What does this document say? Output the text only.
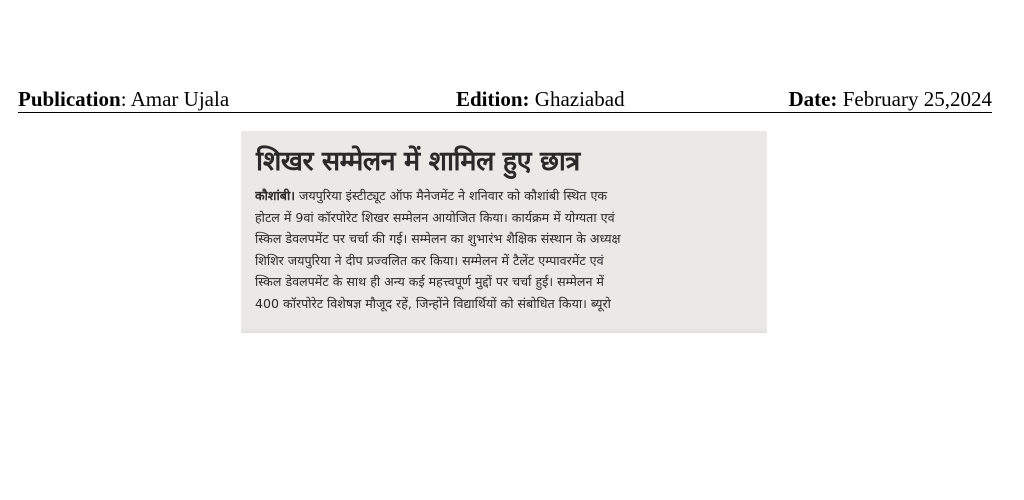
Publication: Amar Ujala	Edition: Ghaziabad	Date: February 25,2024
शिखर सम्मेलन में शामिल हुए छात्र
कौशांबी। जयपुरिया इंस्टीट्यूट ऑफ मैनेजमेंट ने शनिवार को कौशांबी स्थित एक
होटल में 9वां कॉरपोरेट शिखर सम्मेलन आयोजित किया। कार्यक्रम में योग्यता एवं
स्किल डेवलपमेंट पर चर्चा की गई। सम्मेलन का शुभारंभ शैक्षिक संस्थान के अध्यक्ष
शिशिर जयपुरिया ने दीप प्रज्वलित कर किया। सम्मेलन में टैलेंट एम्पावरमेंट एवं
स्किल डेवलपमेंट के साथ ही अन्य कई महत्त्वपूर्ण मुद्दों पर चर्चा हुई। सम्मेलन में
400 कॉरपोरेट विशेषज्ञ मौजूद रहें, जिन्होंने विद्यार्थियों को संबोधित किया। ब्यूरो
